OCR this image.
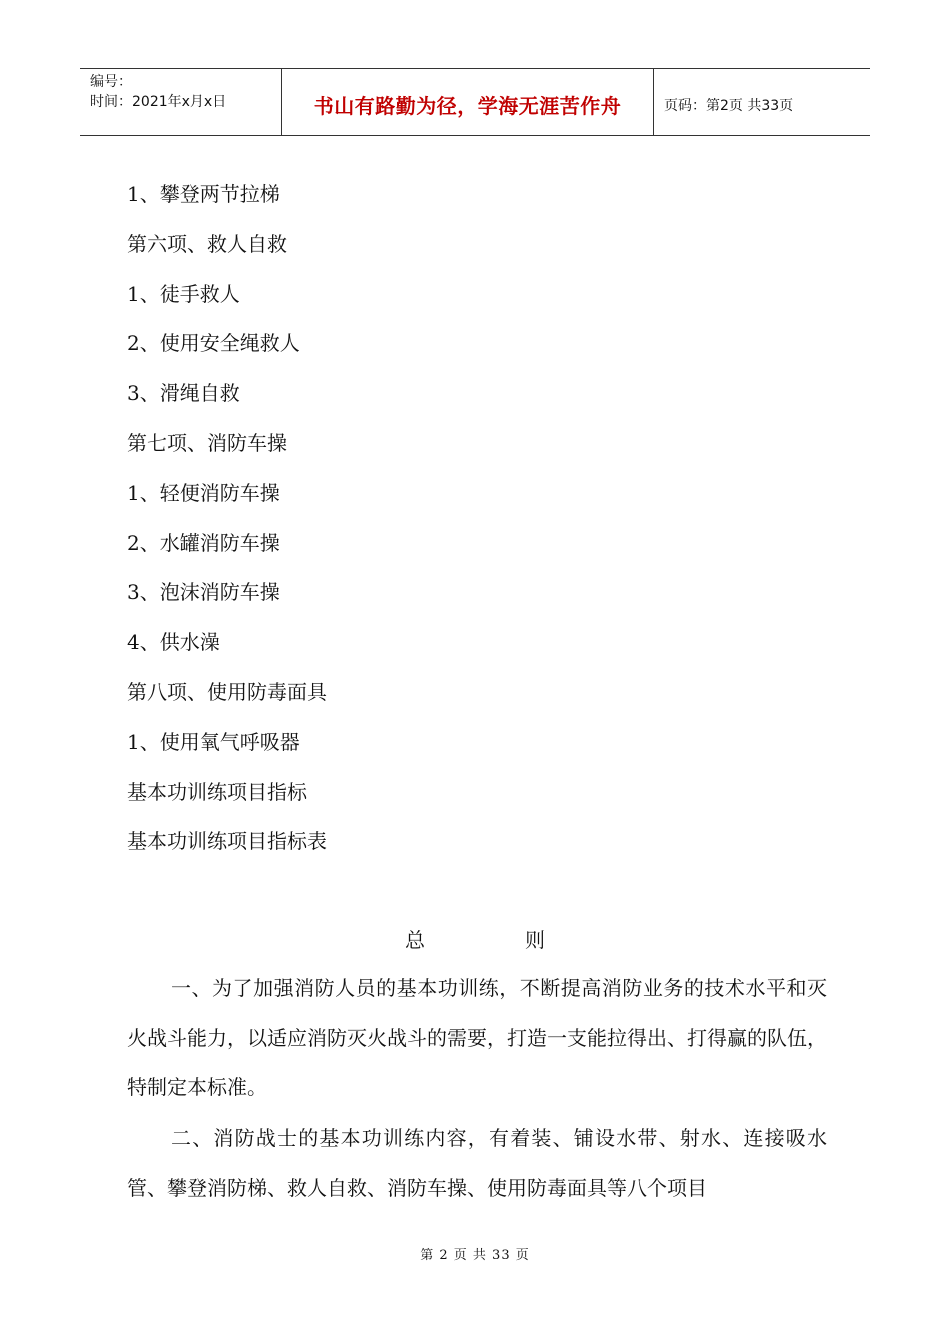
编号：
时间：2021年x月x日	书山有路勤为径，学海无涯苦作舟	页码：第2页 共33页
1、攀登两节拉梯
第六项、救人自救
1、徒手救人
2、使用安全绳救人
3、滑绳自救
第七项、消防车操
1、轻便消防车操
2、水罐消防车操
3、泡沫消防车操
4、供水澡
第八项、使用防毒面具
1、使用氧气呼吸器
基本功训练项目指标
基本功训练项目指标表
总	则
一、为了加强消防人员的基本功训练，不断提高消防业务的技术水平和灭火战斗能力，以适应消防灭火战斗的需要，打造一支能拉得出、打得赢的队伍，特制定本标准。
二、消防战士的基本功训练内容，有着装、铺设水带、射水、连接吸水管、攀登消防梯、救人自救、消防车操、使用防毒面具等八个项目
第 2 页 共 33 页
